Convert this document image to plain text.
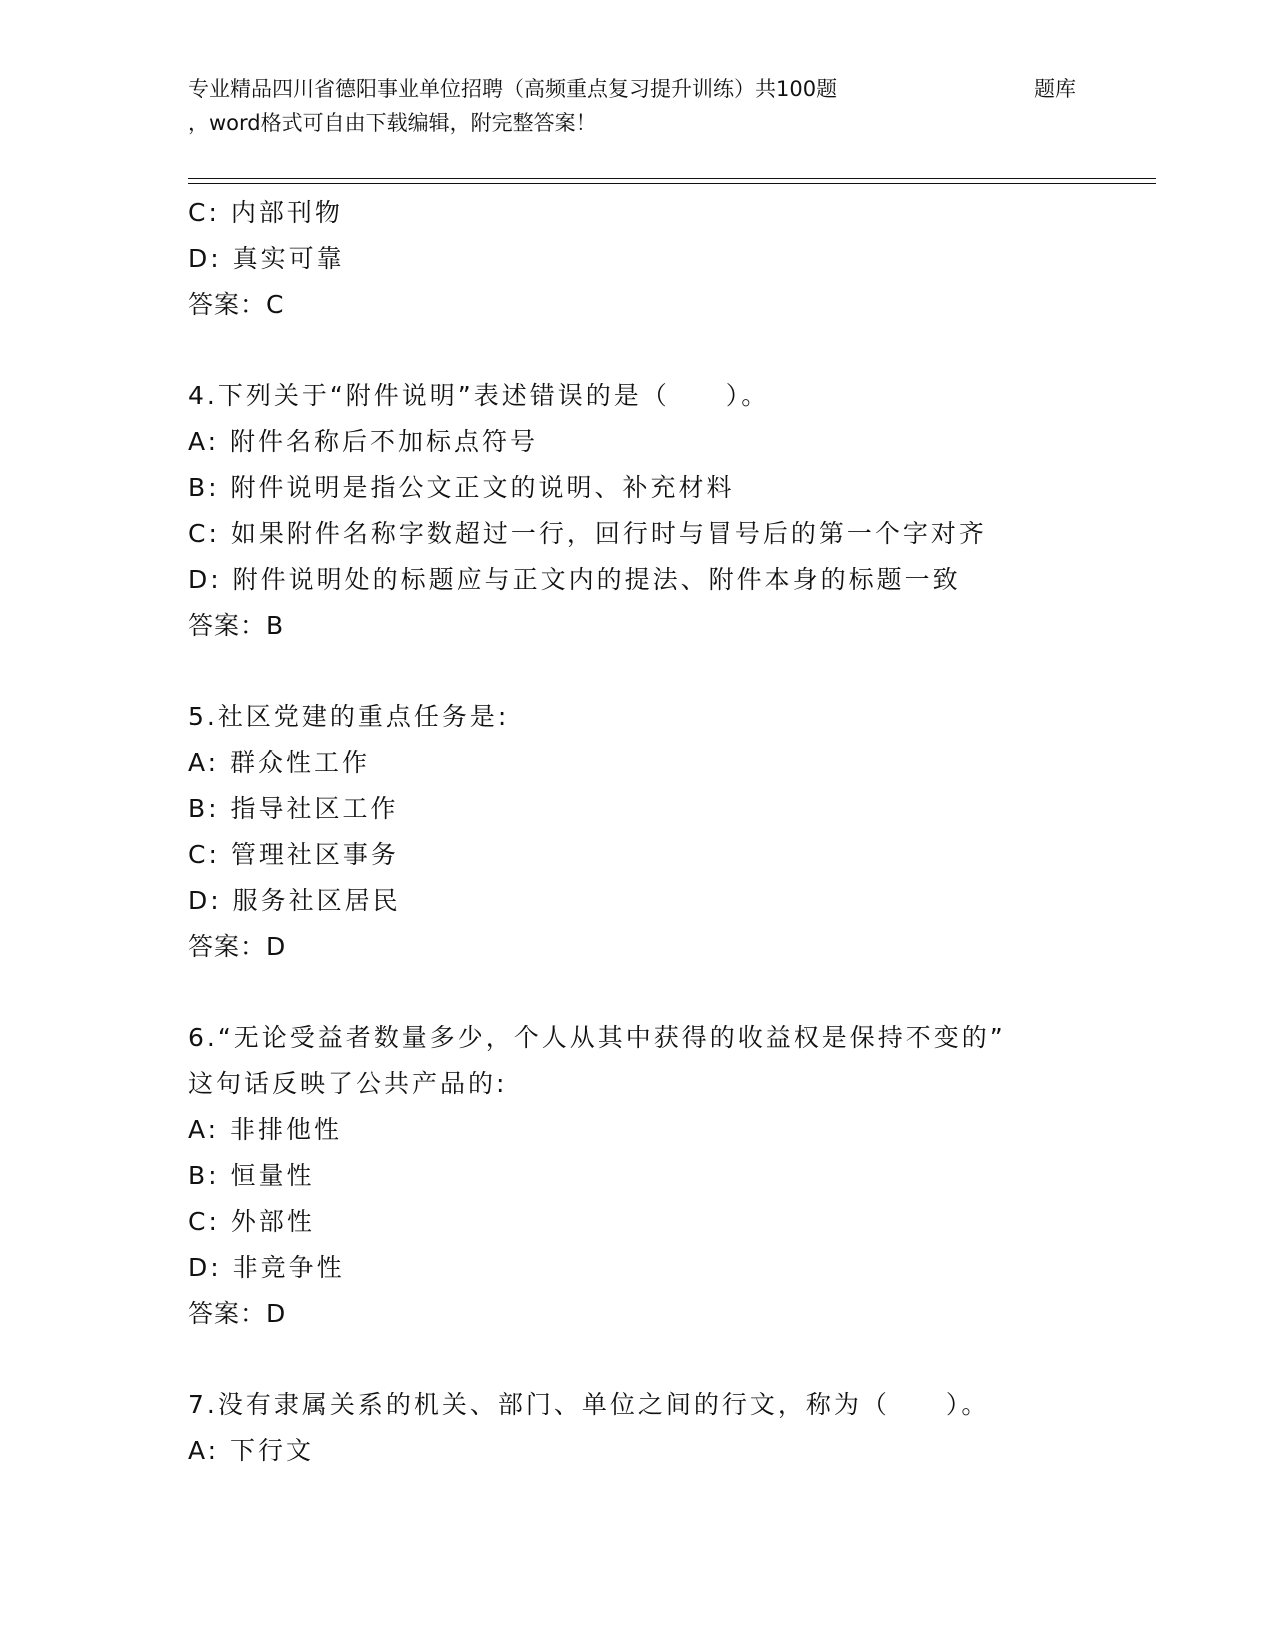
专业精品四川省德阳事业单位招聘（高频重点复习提升训练）共100题	题库
，word格式可自由下载编辑，附完整答案！
C: 内部刊物
D: 真实可靠
答案：C
4.下列关于“附件说明”表述错误的是（　　）。
A: 附件名称后不加标点符号
B: 附件说明是指公文正文的说明、补充材料
C: 如果附件名称字数超过一行，回行时与冒号后的第一个字对齐
D: 附件说明处的标题应与正文内的提法、附件本身的标题一致
答案：B
5.社区党建的重点任务是:
A: 群众性工作
B: 指导社区工作
C: 管理社区事务
D: 服务社区居民
答案：D
6.“无论受益者数量多少，个人从其中获得的收益权是保持不变的”
这句话反映了公共产品的:
A: 非排他性
B: 恒量性
C: 外部性
D: 非竞争性
答案：D
7.没有隶属关系的机关、部门、单位之间的行文，称为（　　）。
A: 下行文
